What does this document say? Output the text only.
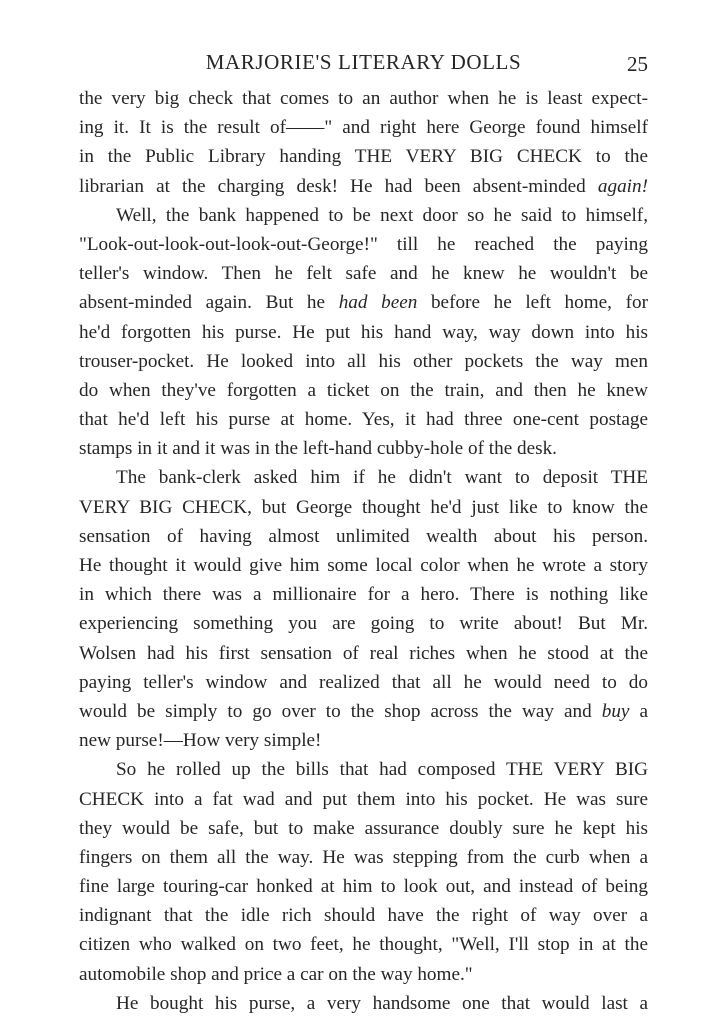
MARJORIE'S LITERARY DOLLS	25
the very big check that comes to an author when he is least expect-
ing it. It is the result of——" and right here George found himself
in the Public Library handing THE VERY BIG CHECK to the
librarian at the charging desk! He had been absent-minded again!
Well, the bank happened to be next door so he said to himself,
"Look-out-look-out-look-out-George!" till he reached the paying
teller's window. Then he felt safe and he knew he wouldn't be
absent-minded again. But he had been before he left home, for
he'd forgotten his purse. He put his hand way, way down into his
trouser-pocket. He looked into all his other pockets the way men
do when they've forgotten a ticket on the train, and then he knew
that he'd left his purse at home. Yes, it had three one-cent postage
stamps in it and it was in the left-hand cubby-hole of the desk.
The bank-clerk asked him if he didn't want to deposit THE
VERY BIG CHECK, but George thought he'd just like to know the
sensation of having almost unlimited wealth about his person.
He thought it would give him some local color when he wrote a story
in which there was a millionaire for a hero. There is nothing like
experiencing something you are going to write about! But Mr.
Wolsen had his first sensation of real riches when he stood at the
paying teller's window and realized that all he would need to do
would be simply to go over to the shop across the way and buy a
new purse!—How very simple!
So he rolled up the bills that had composed THE VERY BIG
CHECK into a fat wad and put them into his pocket. He was sure
they would be safe, but to make assurance doubly sure he kept his
fingers on them all the way. He was stepping from the curb when a
fine large touring-car honked at him to look out, and instead of being
indignant that the idle rich should have the right of way over a
citizen who walked on two feet, he thought, "Well, I'll stop in at the
automobile shop and price a car on the way home."
He bought his purse, a very handsome one that would last a
